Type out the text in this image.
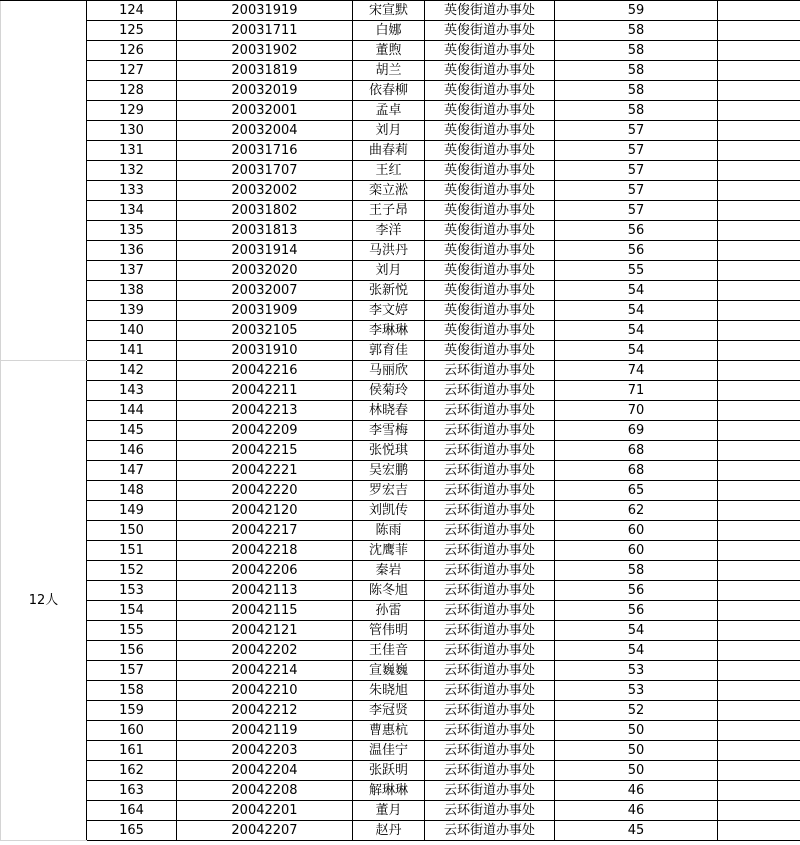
	124	20031919	宋宣默	英俊街道办事处	59	
	125	20031711	白娜	英俊街道办事处	58	
	126	20031902	董煦	英俊街道办事处	58	
	127	20031819	胡兰	英俊街道办事处	58	
	128	20032019	依春柳	英俊街道办事处	58	
	129	20032001	孟卓	英俊街道办事处	58	
	130	20032004	刘月	英俊街道办事处	57	
	131	20031716	曲春莉	英俊街道办事处	57	
	132	20031707	王红	英俊街道办事处	57	
	133	20032002	栾立淞	英俊街道办事处	57	
	134	20031802	王子昂	英俊街道办事处	57	
	135	20031813	李洋	英俊街道办事处	56	
	136	20031914	马洪丹	英俊街道办事处	56	
	137	20032020	刘月	英俊街道办事处	55	
	138	20032007	张新悦	英俊街道办事处	54	
	139	20031909	李文婷	英俊街道办事处	54	
	140	20032105	李琳琳	英俊街道办事处	54	
	141	20031910	郭育佳	英俊街道办事处	54	
12人	142	20042216	马丽欣	云环街道办事处	74	
	143	20042211	侯菊玲	云环街道办事处	71	
	144	20042213	林晓春	云环街道办事处	70	
	145	20042209	李雪梅	云环街道办事处	69	
	146	20042215	张悦琪	云环街道办事处	68	
	147	20042221	吴宏鹏	云环街道办事处	68	
	148	20042220	罗宏吉	云环街道办事处	65	
	149	20042120	刘凯传	云环街道办事处	62	
	150	20042217	陈雨	云环街道办事处	60	
	151	20042218	沈鹰菲	云环街道办事处	60	
	152	20042206	秦岩	云环街道办事处	58	
	153	20042113	陈冬旭	云环街道办事处	56	
	154	20042115	孙雷	云环街道办事处	56	
	155	20042121	管伟明	云环街道办事处	54	
	156	20042202	王佳音	云环街道办事处	54	
	157	20042214	宣巍巍	云环街道办事处	53	
	158	20042210	朱晓旭	云环街道办事处	53	
	159	20042212	李冠贤	云环街道办事处	52	
	160	20042119	曹惠杭	云环街道办事处	50	
	161	20042203	温佳宁	云环街道办事处	50	
	162	20042204	张跃明	云环街道办事处	50	
	163	20042208	解琳琳	云环街道办事处	46	
	164	20042201	董月	云环街道办事处	46	
	165	20042207	赵丹	云环街道办事处	45	
